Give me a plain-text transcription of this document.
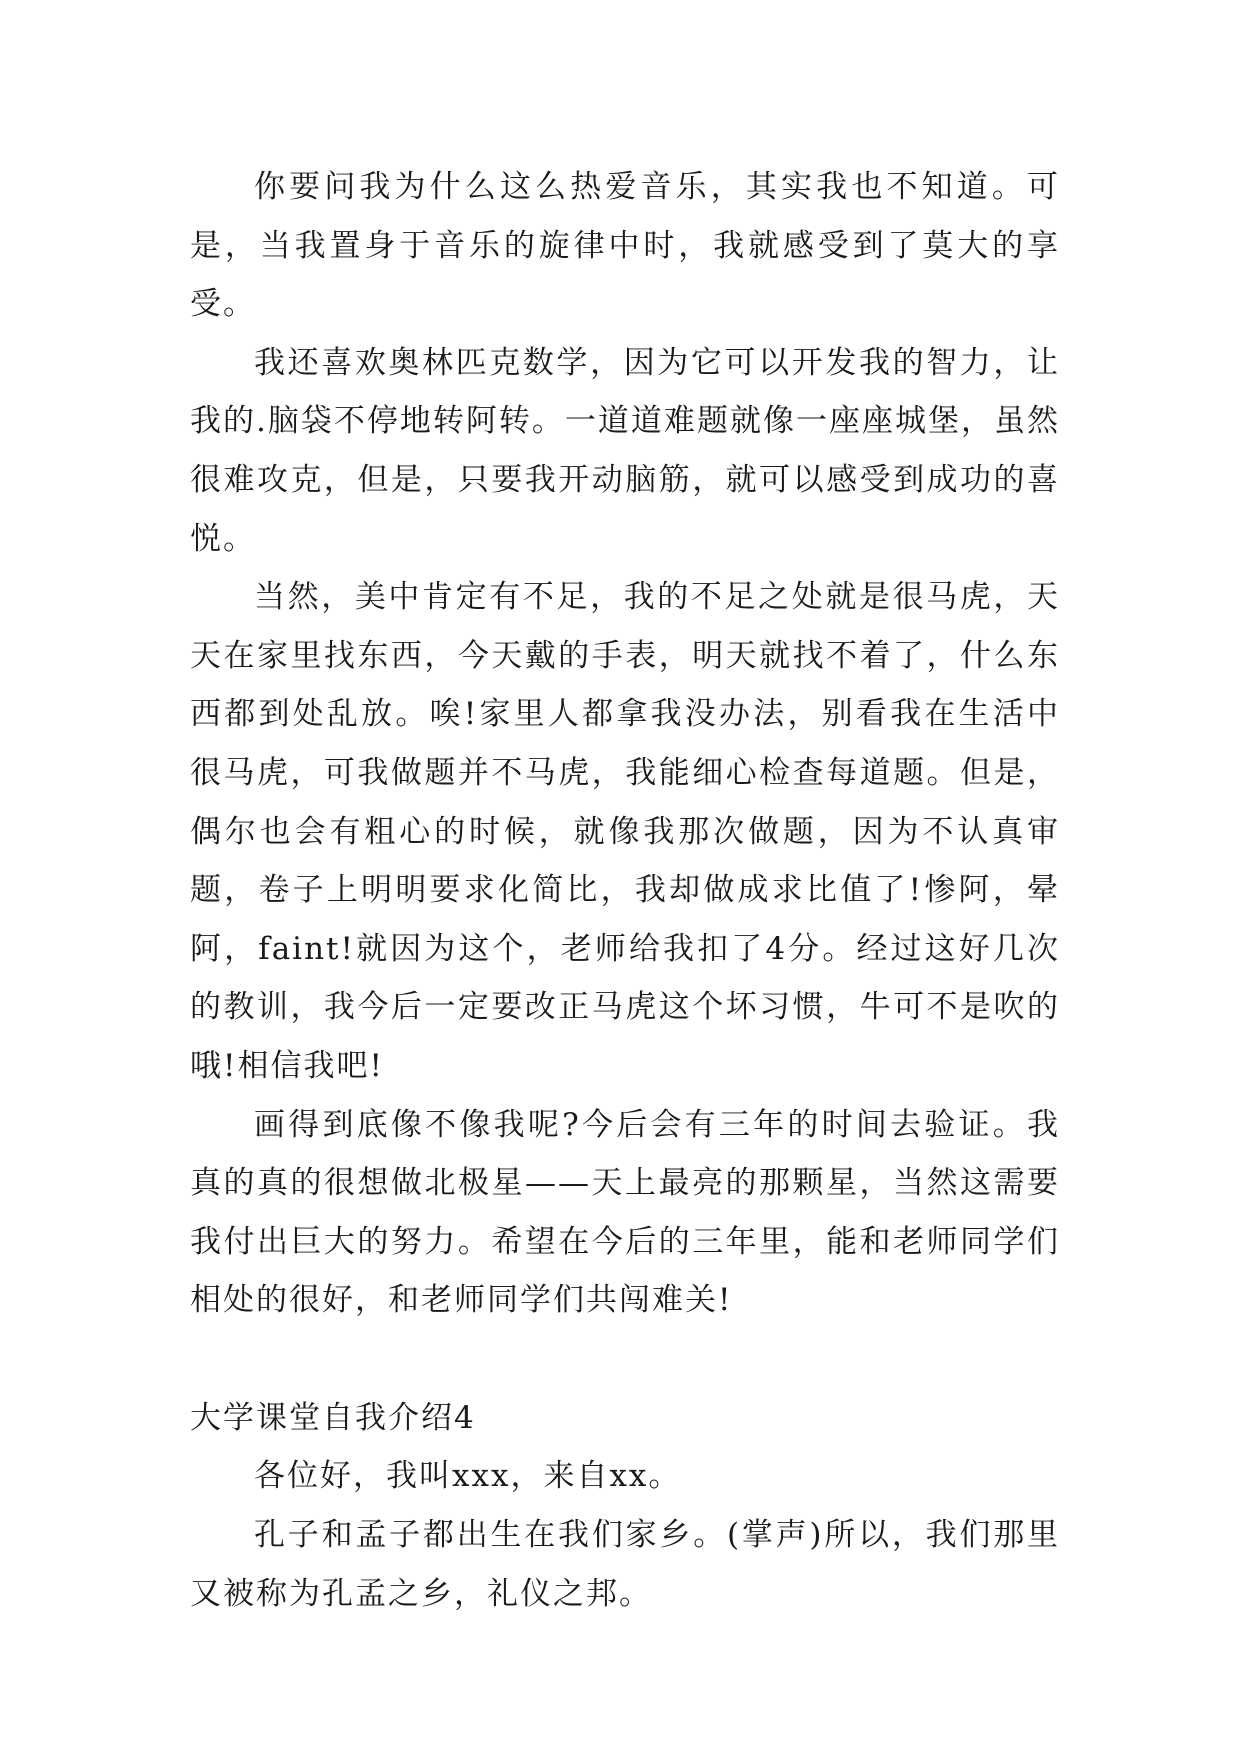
你要问我为什么这么热爱音乐，其实我也不知道。可是，当我置身于音乐的旋律中时，我就感受到了莫大的享受。

我还喜欢奥林匹克数学，因为它可以开发我的智力，让我的.脑袋不停地转阿转。一道道难题就像一座座城堡，虽然很难攻克，但是，只要我开动脑筋，就可以感受到成功的喜悦。

当然，美中肯定有不足，我的不足之处就是很马虎，天天在家里找东西，今天戴的手表，明天就找不着了，什么东西都到处乱放。唉!家里人都拿我没办法，别看我在生活中很马虎，可我做题并不马虎，我能细心检查每道题。但是，偶尔也会有粗心的时候，就像我那次做题，因为不认真审题，卷子上明明要求化简比，我却做成求比值了!惨阿，晕阿，faint!就因为这个，老师给我扣了4分。经过这好几次的教训，我今后一定要改正马虎这个坏习惯，牛可不是吹的哦!相信我吧!

画得到底像不像我呢?今后会有三年的时间去验证。我真的真的很想做北极星——天上最亮的那颗星，当然这需要我付出巨大的努力。希望在今后的三年里，能和老师同学们相处的很好，和老师同学们共闯难关!

大学课堂自我介绍4

各位好，我叫xxx，来自xx。

孔子和孟子都出生在我们家乡。(掌声)所以，我们那里又被称为孔孟之乡，礼仪之邦。
